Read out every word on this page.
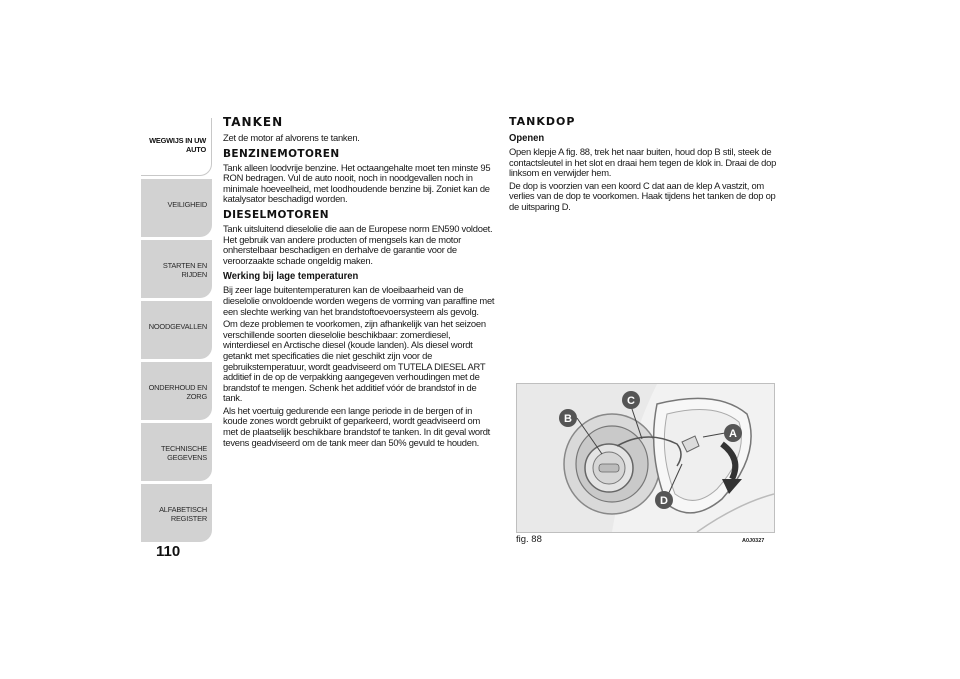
WEGWIJS IN UW AUTO
VEILIGHEID
STARTEN EN RIJDEN
NOODGEVALLEN
ONDERHOUD EN ZORG
TECHNISCHE GEGEVENS
ALFABETISCH REGISTER
110
TANKEN

Zet de motor af alvorens te tanken.

BENZINEMOTOREN

Tank alleen loodvrije benzine. Het octaangehalte moet ten minste 95 RON bedragen. Vul de auto nooit, noch in noodgevallen noch in minimale hoeveelheid, met loodhoudende benzine bij. Zoniet kan de katalysator beschadigd worden.

DIESELMOTOREN

Tank uitsluitend dieselolie die aan de Europese norm EN590 voldoet. Het gebruik van andere producten of mengsels kan de motor onherstelbaar beschadigen en derhalve de garantie voor de veroorzaakte schade ongeldig maken.

Werking bij lage temperaturen

Bij zeer lage buitentemperaturen kan de vloeibaarheid van de dieselolie onvoldoende worden wegens de vorming van paraffine met een slechte werking van het brandstoftoevoersysteem als gevolg.

Om deze problemen te voorkomen, zijn afhankelijk van het seizoen verschillende soorten dieselolie beschikbaar: zomerdiesel, winterdiesel en Arctische diesel (koude landen). Als diesel wordt getankt met specificaties die niet geschikt zijn voor de gebruikstemperatuur, wordt geadviseerd om TUTELA DIESEL ART additief in de op de verpakking aangegeven verhoudingen met de brandstof te mengen. Schenk het additief vóór de brandstof in de tank.

Als het voertuig gedurende een lange periode in de bergen of in koude zones wordt gebruikt of geparkeerd, wordt geadviseerd om met de plaatselijk beschikbare brandstof te tanken. In dit geval wordt tevens geadviseerd om de tank meer dan 50% gevuld te houden.

TANKDOP
Openen

Open klepje A fig. 88, trek het naar buiten, houd dop B stil, steek de contactsleutel in het slot en draai hem tegen de klok in. Draai de dop linksom en verwijder hem.

De dop is voorzien van een koord C dat aan de klep A vastzit, om verlies van de dop te voorkomen. Haak tijdens het tanken de dop op de uitsparing D.

B
C
A
D
fig. 88	A0J0327
